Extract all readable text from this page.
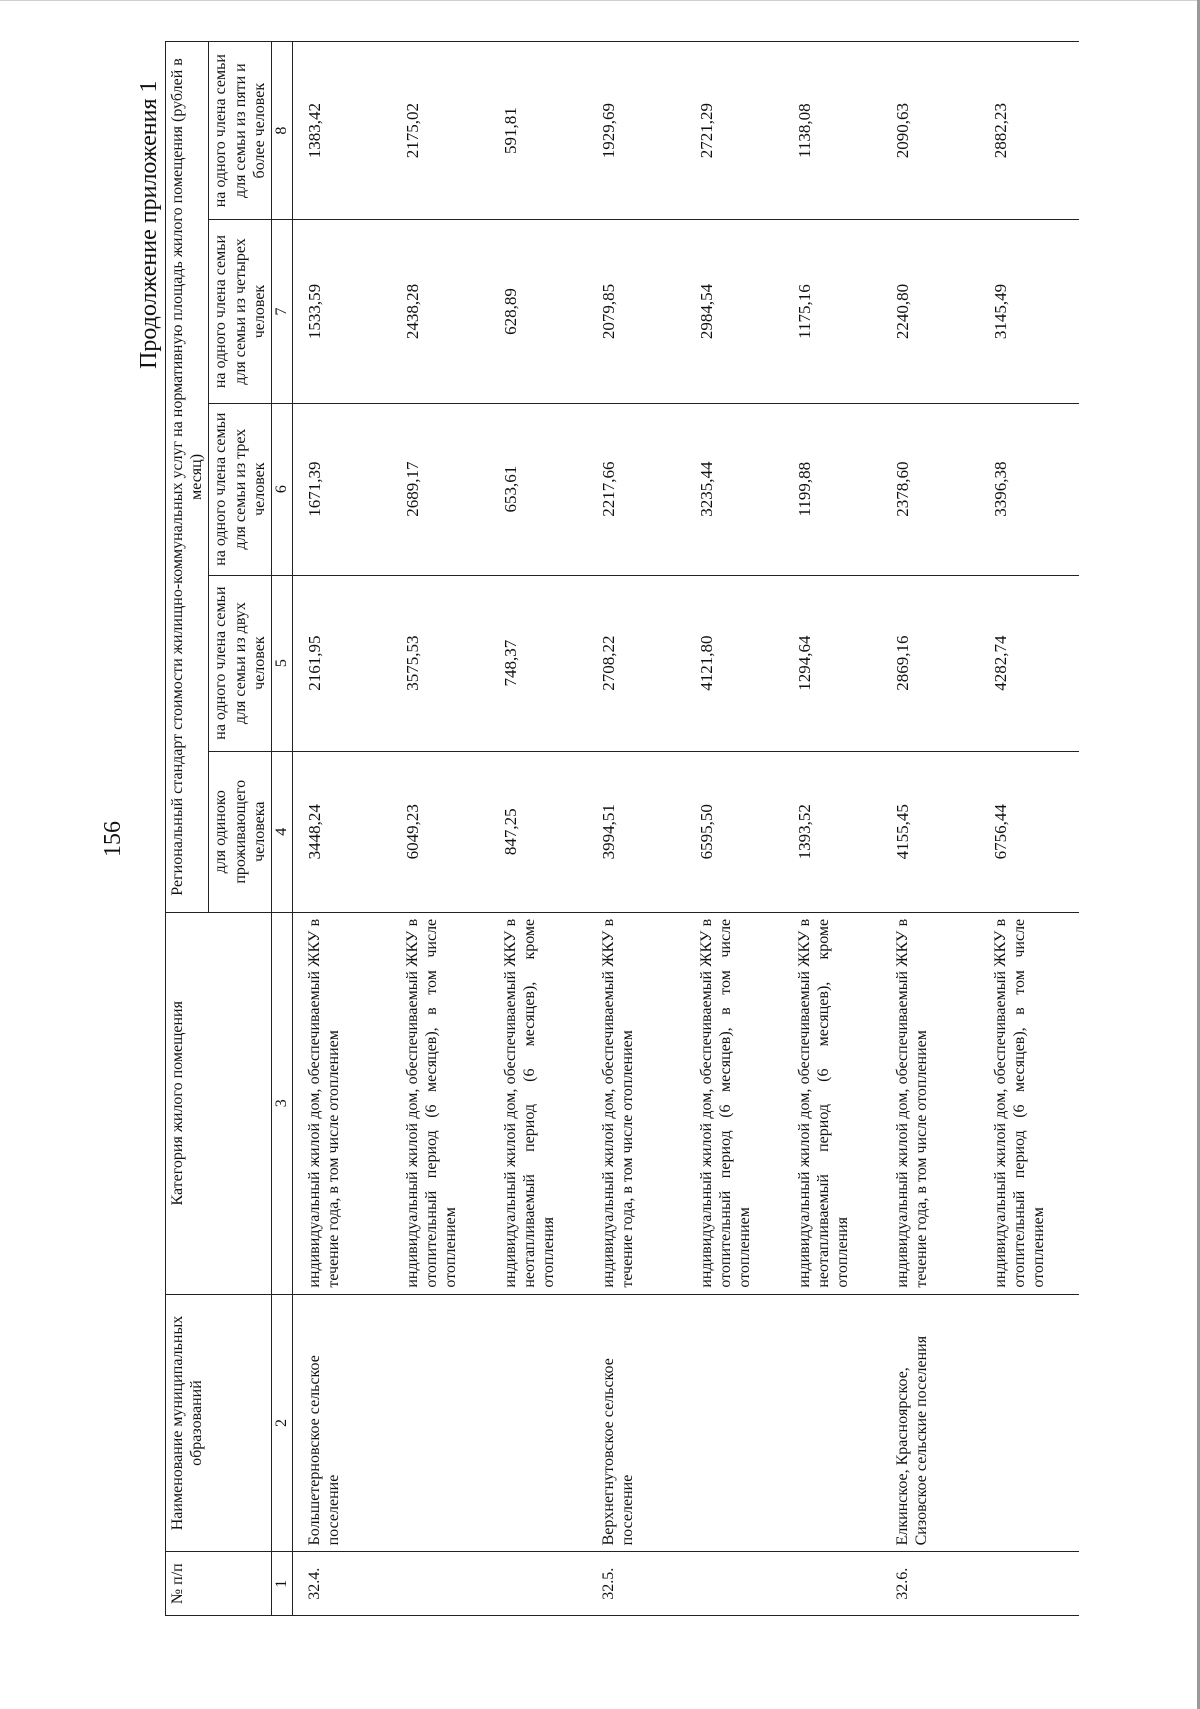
156
Продолжение приложения 1
№ п/п	Наименование муниципальных образований	Категория жилого помещения	Региональный стандарт стоимости жилищно-коммунальных услуг на нормативную площадь жилого помещения (рублей в месяц)				
			для одиноко проживающего человека	на одного члена семьи для семьи из двух человек	на одного члена семьи для семьи из трех человек	на одного члена семьи для семьи из четырех человек	на одного члена семьи для семьи из пяти и более человек
1	2	3	4	5	6	7	8
32.4.	Большетерновское сельское поселение	индивидуальный жилой дом, обеспечиваемый ЖКУ в течение года, в том числе отоплением	3448,24	2161,95	1671,39	1533,59	1383,42
		индивидуальный жилой дом, обеспечиваемый ЖКУ в отопительный период (6 месяцев), в том числе отоплением	6049,23	3575,53	2689,17	2438,28	2175,02
		индивидуальный жилой дом, обеспечиваемый ЖКУ в неотапливаемый период (6 месяцев), кроме отопления	847,25	748,37	653,61	628,89	591,81
32.5.	Верхнегнутовское сельское поселение	индивидуальный жилой дом, обеспечиваемый ЖКУ в течение года, в том числе отоплением	3994,51	2708,22	2217,66	2079,85	1929,69
		индивидуальный жилой дом, обеспечиваемый ЖКУ в отопительный период (6 месяцев), в том числе отоплением	6595,50	4121,80	3235,44	2984,54	2721,29
		индивидуальный жилой дом, обеспечиваемый ЖКУ в неотапливаемый период (6 месяцев), кроме отопления	1393,52	1294,64	1199,88	1175,16	1138,08
32.6.	Елкинское, Краснoярское, Сизовское сельские поселения	индивидуальный жилой дом, обеспечиваемый ЖКУ в течение года, в том числе отоплением	4155,45	2869,16	2378,60	2240,80	2090,63
		индивидуальный жилой дом, обеспечиваемый ЖКУ в отопительный период (6 месяцев), в том числе отоплением	6756,44	4282,74	3396,38	3145,49	2882,23
